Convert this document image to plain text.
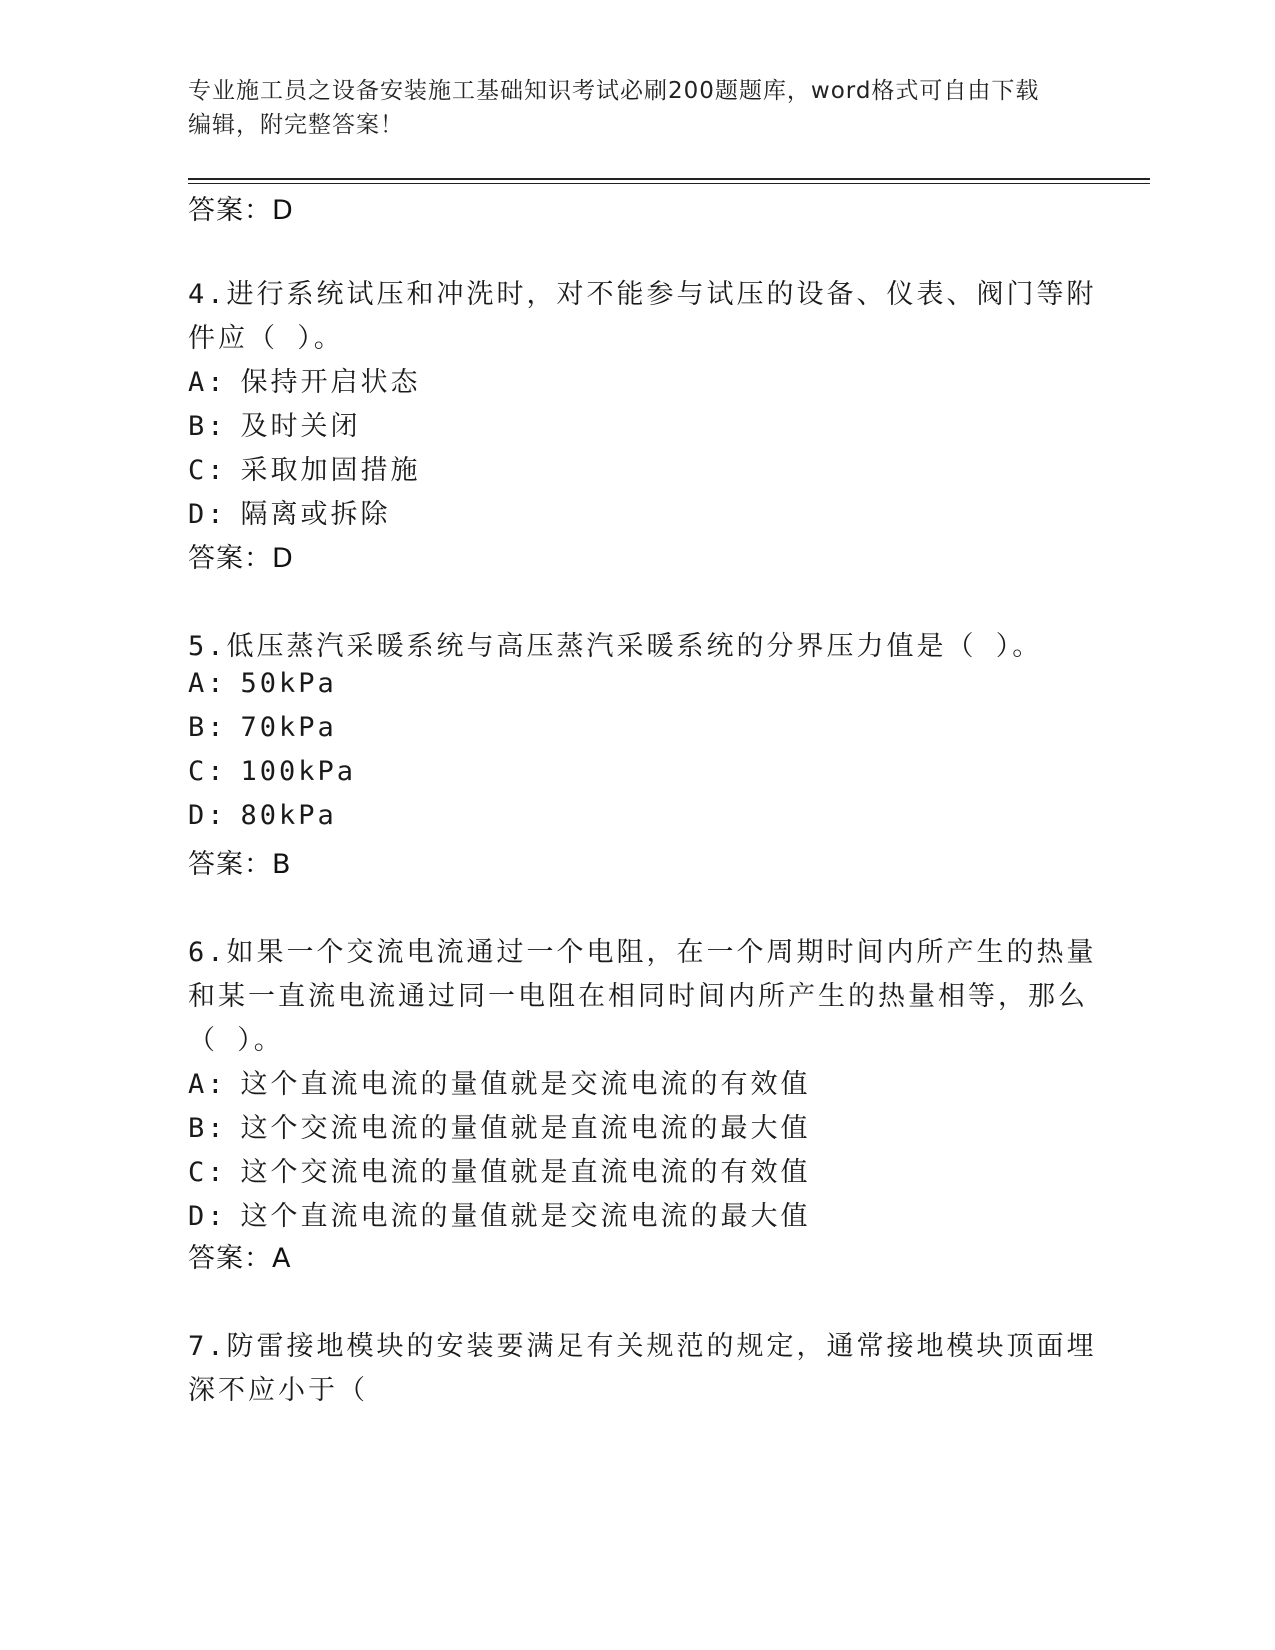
专业施工员之设备安装施工基础知识考试必刷200题题库，word格式可自由下载
编辑，附完整答案！
答案：D
4.进行系统试压和冲洗时，对不能参与试压的设备、仪表、阀门等附
件应（ ）。
A: 保持开启状态
B: 及时关闭
C: 采取加固措施
D: 隔离或拆除
答案：D
5.低压蒸汽采暖系统与高压蒸汽采暖系统的分界压力值是（ ）。
A: 50kPa
B: 70kPa
C: 100kPa
D: 80kPa
答案：B
6.如果一个交流电流通过一个电阻，在一个周期时间内所产生的热量
和某一直流电流通过同一电阻在相同时间内所产生的热量相等，那么
（ ）。
A: 这个直流电流的量值就是交流电流的有效值
B: 这个交流电流的量值就是直流电流的最大值
C: 这个交流电流的量值就是直流电流的有效值
D: 这个直流电流的量值就是交流电流的最大值
答案：A
7.防雷接地模块的安装要满足有关规范的规定，通常接地模块顶面埋
深不应小于（
